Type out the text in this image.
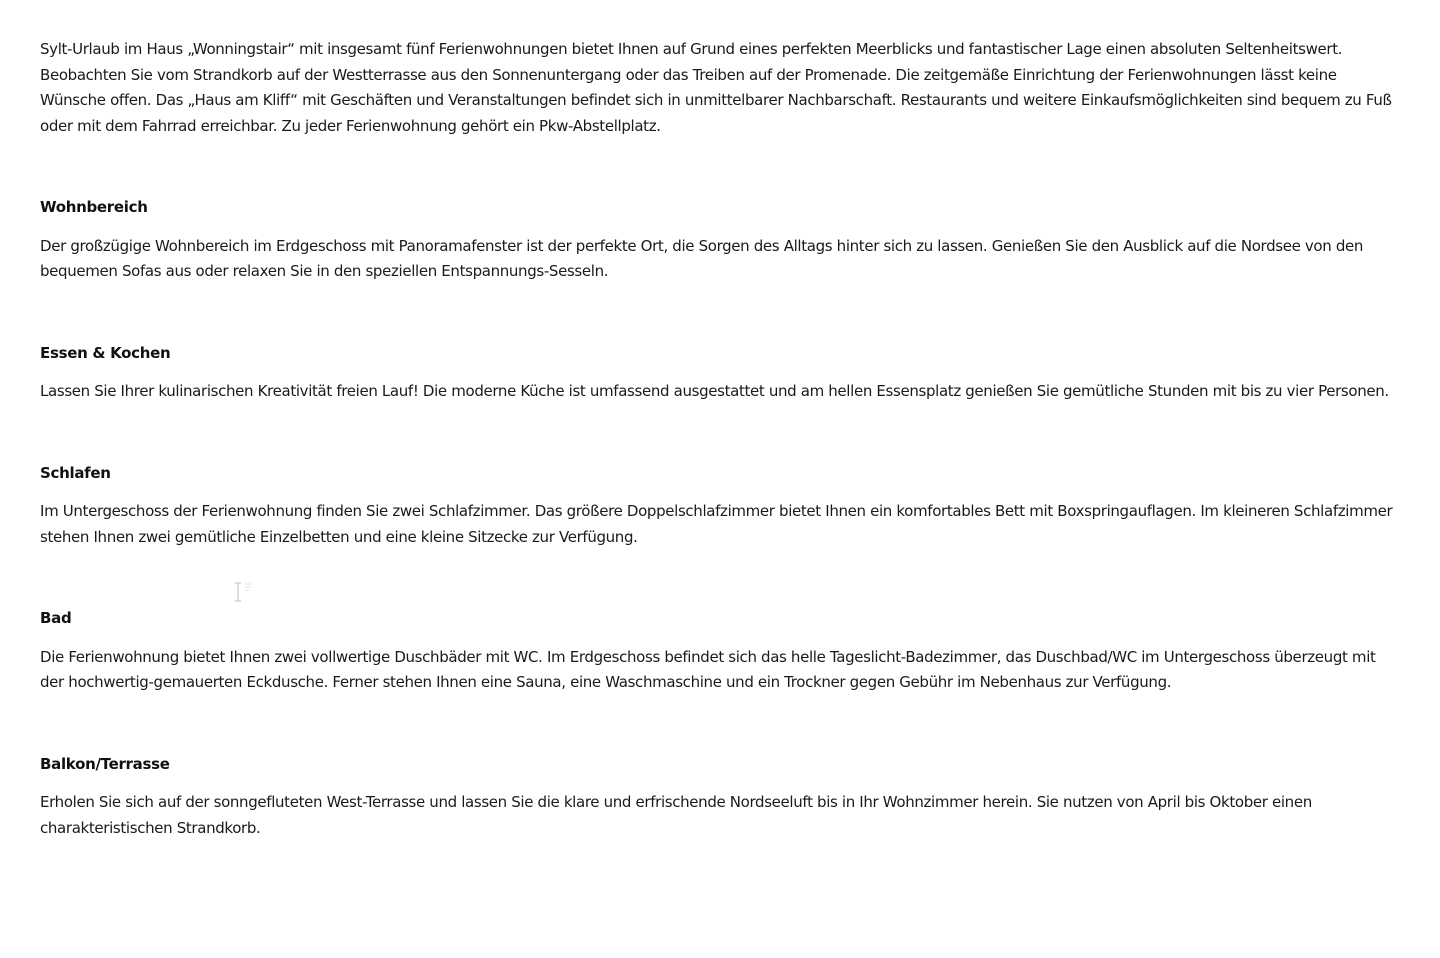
Sylt-Urlaub im Haus „Wonningstair“ mit insgesamt fünf Ferienwohnungen bietet Ihnen auf Grund eines perfekten Meerblicks und fantastischer Lage einen absoluten Seltenheitswert. Beobachten Sie vom Strandkorb auf der Westterrasse aus den Sonnenuntergang oder das Treiben auf der Promenade. Die zeitgemäße Einrichtung der Ferienwohnungen lässt keine Wünsche offen. Das „Haus am Kliff“ mit Geschäften und Veranstaltungen befindet sich in unmittelbarer Nachbarschaft. Restaurants und weitere Einkaufsmöglichkeiten sind bequem zu Fuß oder mit dem Fahrrad erreichbar. Zu jeder Ferienwohnung gehört ein Pkw-Abstellplatz.

Wohnbereich

Der großzügige Wohnbereich im Erdgeschoss mit Panoramafenster ist der perfekte Ort, die Sorgen des Alltags hinter sich zu lassen. Genießen Sie den Ausblick auf die Nordsee von den bequemen Sofas aus oder relaxen Sie in den speziellen Entspannungs-Sesseln.

Essen & Kochen

Lassen Sie Ihrer kulinarischen Kreativität freien Lauf! Die moderne Küche ist umfassend ausgestattet und am hellen Essensplatz genießen Sie gemütliche Stunden mit bis zu vier Personen.

Schlafen

Im Untergeschoss der Ferienwohnung finden Sie zwei Schlafzimmer. Das größere Doppelschlafzimmer bietet Ihnen ein komfortables Bett mit Boxspringauflagen. Im kleineren Schlafzimmer stehen Ihnen zwei gemütliche Einzelbetten und eine kleine Sitzecke zur Verfügung.

Bad

Die Ferienwohnung bietet Ihnen zwei vollwertige Duschbäder mit WC. Im Erdgeschoss befindet sich das helle Tageslicht-Badezimmer, das Duschbad/WC im Untergeschoss überzeugt mit der hochwertig-gemauerten Eckdusche. Ferner stehen Ihnen eine Sauna, eine Waschmaschine und ein Trockner gegen Gebühr im Nebenhaus zur Verfügung.

Balkon/Terrasse

Erholen Sie sich auf der sonngefluteten West-Terrasse und lassen Sie die klare und erfrischende Nordseeluft bis in Ihr Wohnzimmer herein. Sie nutzen von April bis Oktober einen charakteristischen Strandkorb.
